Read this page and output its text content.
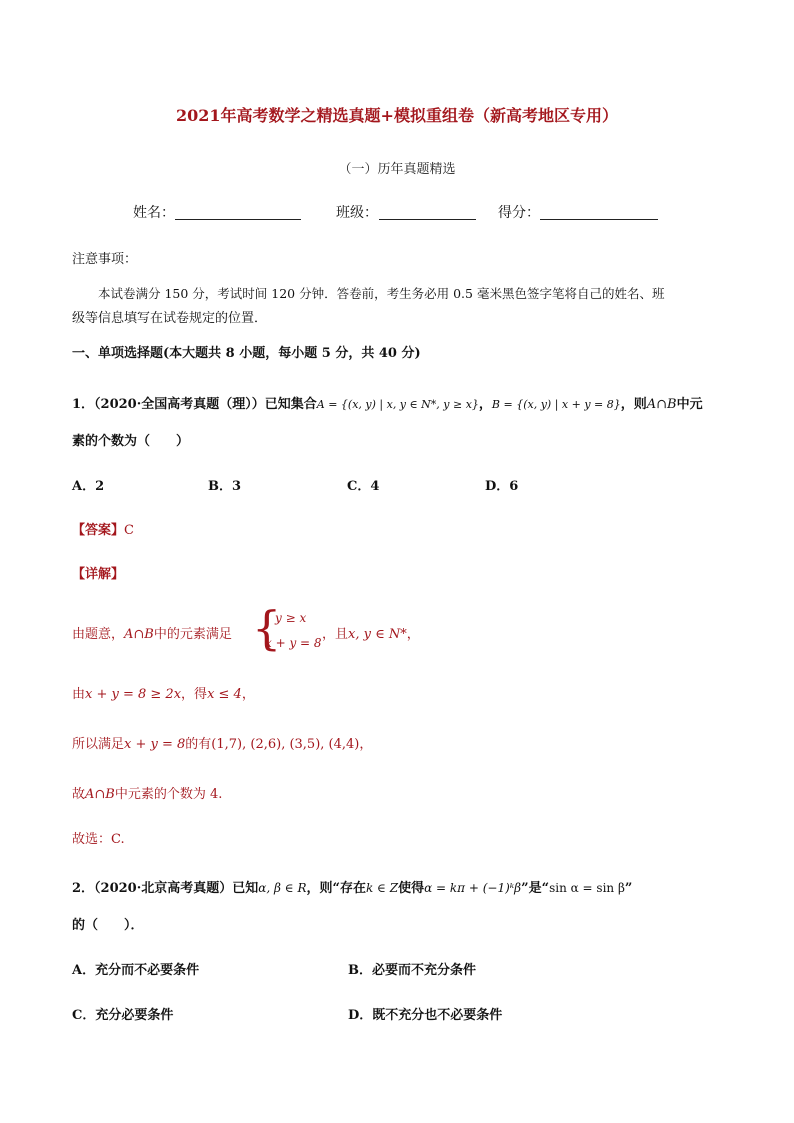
2021年高考数学之精选真题+模拟重组卷（新高考地区专用）
（一）历年真题精选
姓名：	班级：	得分：
注意事项：
本试卷满分 150 分，考试时间 120 分钟．答卷前，考生务必用 0.5 毫米黑色签字笔将自己的姓名、班
级等信息填写在试卷规定的位置．
一、单项选择题(本大题共 8 小题，每小题 5 分，共 40 分)
1．（2020·全国高考真题（理））已知集合A = {(x, y) | x, y ∈ N*, y ≥ x}，B = {(x, y) | x + y = 8}，则A∩B中元
素的个数为（　　）
A．2	B．3	C．4	D．6
【答案】C
【详解】
由题意，A∩B中的元素满足 {
y ≥ x
x + y = 8
，且x, y ∈ N*，
由x + y = 8 ≥ 2x，得x ≤ 4，
所以满足x + y = 8的有(1,7), (2,6), (3,5), (4,4)，
故A∩B中元素的个数为 4.
故选：C.
2．（2020·北京高考真题）已知α, β ∈ R，则“存在k ∈ Z使得α = kπ + (−1)ᵏβ”是“sin α = sin β”
的（　　）．
A．充分而不必要条件	B．必要而不充分条件
C．充分必要条件	D．既不充分也不必要条件
